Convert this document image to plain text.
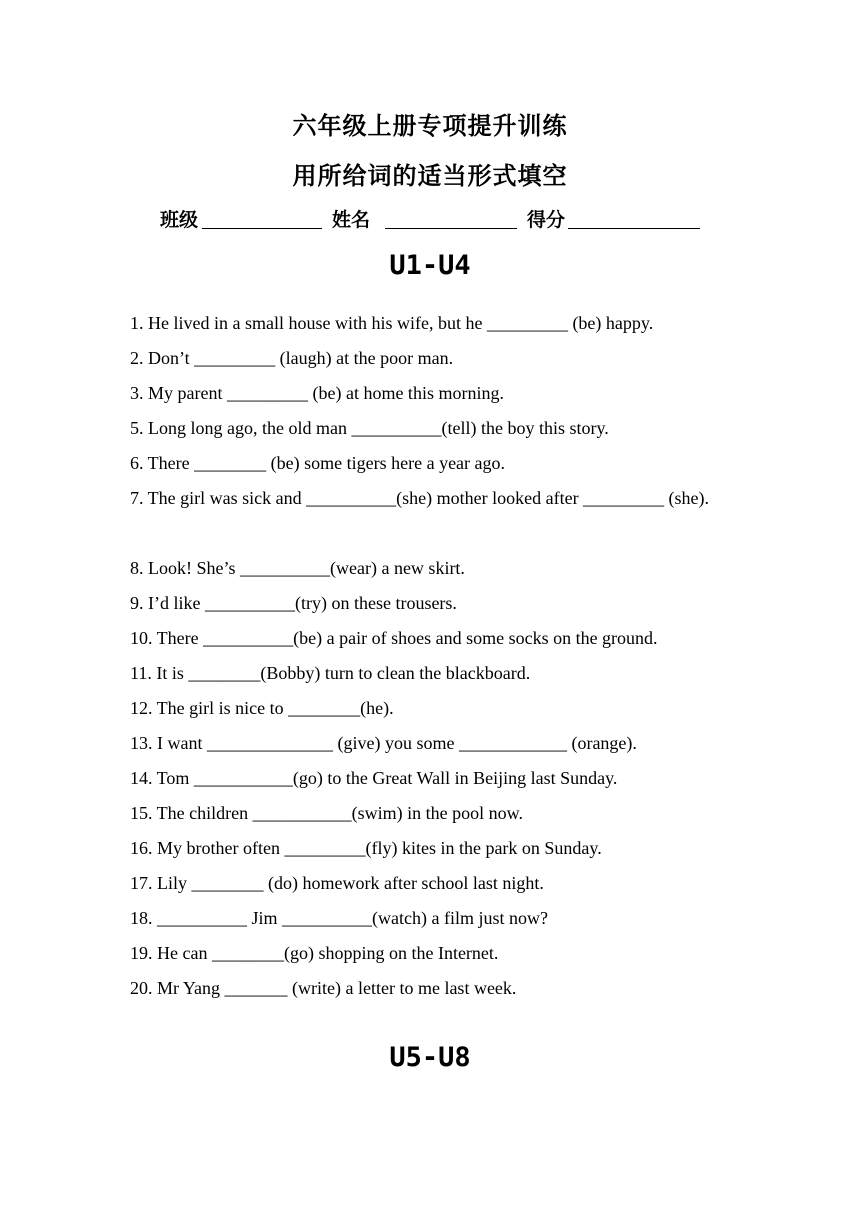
六年级上册专项提升训练
用所给词的适当形式填空
班级	姓名	得分
U1-U4
1. He lived in a small house with his wife, but he _________ (be) happy.
2. Don’t _________ (laugh) at the poor man.
3. My parent _________ (be) at home this morning.
5. Long long ago, the old man __________(tell) the boy this story.
6. There ________ (be) some tigers here a year ago.
7. The girl was sick and __________(she) mother looked after _________ (she).
8. Look! She’s __________(wear) a new skirt.
9. I’d like __________(try) on these trousers.
10. There __________(be) a pair of shoes and some socks on the ground.
11. It is ________(Bobby) turn to clean the blackboard.
12. The girl is nice to ________(he).
13. I want ______________ (give) you some ____________ (orange).
14. Tom ___________(go) to the Great Wall in Beijing last Sunday.
15. The children ___________(swim) in the pool now.
16. My brother often _________(fly) kites in the park on Sunday.
17. Lily ________ (do) homework after school last night.
18. __________ Jim __________(watch) a film just now?
19. He can ________(go) shopping on the Internet.
20. Mr Yang _______ (write) a letter to me last week.
U5-U8
